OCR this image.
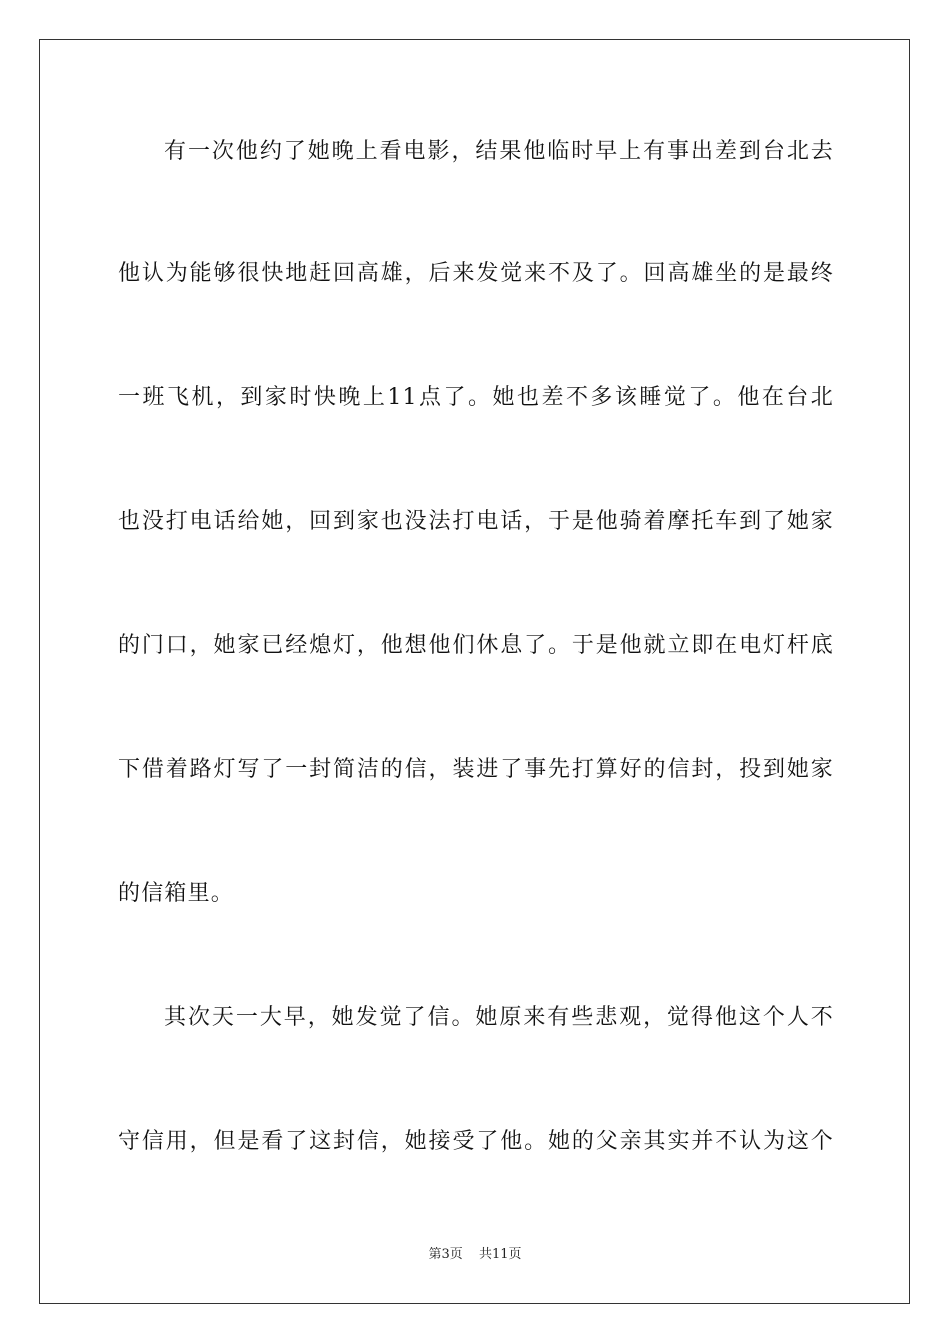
有一次他约了她晚上看电影，结果他临时早上有事出差到台北去
他认为能够很快地赶回高雄，后来发觉来不及了。回高雄坐的是最终
一班飞机，到家时快晚上11点了。她也差不多该睡觉了。他在台北
也没打电话给她，回到家也没法打电话，于是他骑着摩托车到了她家
的门口，她家已经熄灯，他想他们休息了。于是他就立即在电灯杆底
下借着路灯写了一封简洁的信，装进了事先打算好的信封，投到她家
的信箱里。
其次天一大早，她发觉了信。她原来有些悲观，觉得他这个人不
守信用，但是看了这封信，她接受了他。她的父亲其实并不认为这个
第3页 共11页
